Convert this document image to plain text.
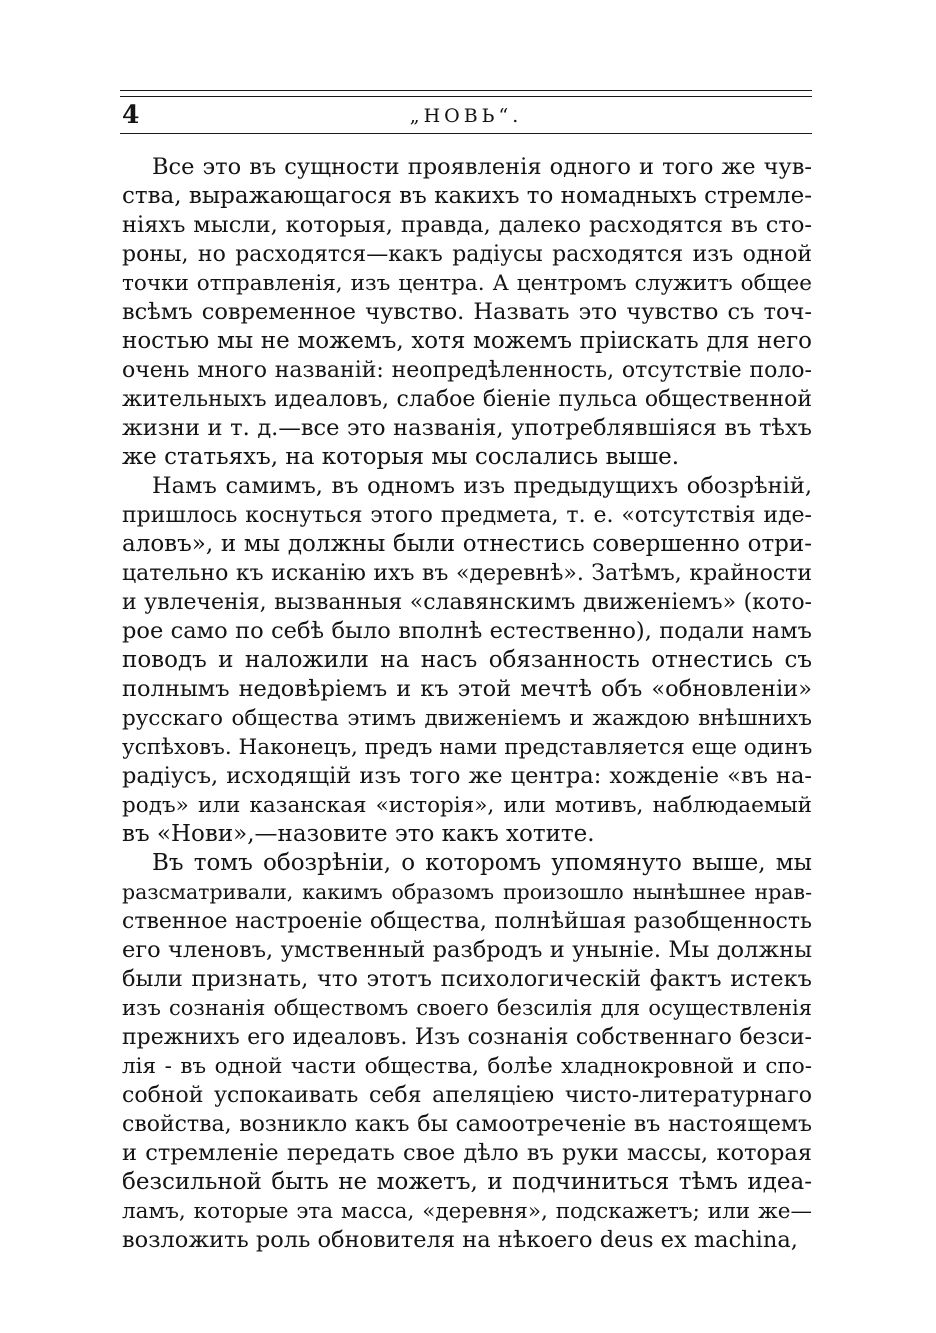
4	„НОВЬ“.
Все это въ сущности проявленія одного и того же чув-
ства, выражающагося въ какихъ то номадныхъ стремле-
ніяхъ мысли, которыя, правда, далеко расходятся въ сто-
роны, но расходятся—какъ радіусы расходятся изъ одной
точки отправленія, изъ центра. А центромъ служитъ общее
всѣмъ современное чувство. Назвать это чувство съ точ-
ностью мы не можемъ, хотя можемъ пріискать для него
очень много названій: неопредѣленность, отсутствіе поло-
жительныхъ идеаловъ, слабое біеніе пульса общественной
жизни и т. д.—все это названія, употреблявшіяся въ тѣхъ
же статьяхъ, на которыя мы сослались выше.
Намъ самимъ, въ одномъ изъ предыдущихъ обозрѣній,
пришлось коснуться этого предмета, т. е. «отсутствія иде-
аловъ», и мы должны были отнестись совершенно отри-
цательно къ исканію ихъ въ «деревнѣ». Затѣмъ, крайности
и увлеченія, вызванныя «славянскимъ движеніемъ» (кото-
рое само по себѣ было вполнѣ естественно), подали намъ
поводъ и наложили на насъ обязанность отнестись съ
полнымъ недовѣріемъ и къ этой мечтѣ объ «обновленіи»
русскаго общества этимъ движеніемъ и жаждою внѣшнихъ
успѣховъ. Наконецъ, предъ нами представляется еще одинъ
радіусъ, исходящій изъ того же центра: хожденіе «въ на-
родъ» или казанская «исторія», или мотивъ, наблюдаемый
въ «Нови»,—назовите это какъ хотите.
Въ томъ обозрѣніи, о которомъ упомянуто выше, мы
разсматривали, какимъ образомъ произошло нынѣшнее нрав-
ственное настроеніе общества, полнѣйшая разобщенность
его членовъ, умственный разбродъ и уныніе. Мы должны
были признать, что этотъ психологическій фактъ истекъ
изъ сознанія обществомъ своего безсилія для осуществленія
прежнихъ его идеаловъ. Изъ сознанія собственнаго безси-
лія - въ одной части общества, болѣе хладнокровной и спо-
собной успокаивать себя апеляціею чисто-литературнаго
свойства, возникло какъ бы самоотреченіе въ настоящемъ
и стремленіе передать свое дѣло въ руки массы, которая
безсильной быть не можетъ, и подчиниться тѣмъ идеа-
ламъ, которые эта масса, «деревня», подскажетъ; или же—
возложить роль обновителя на нѣкоего deus ex machina,
